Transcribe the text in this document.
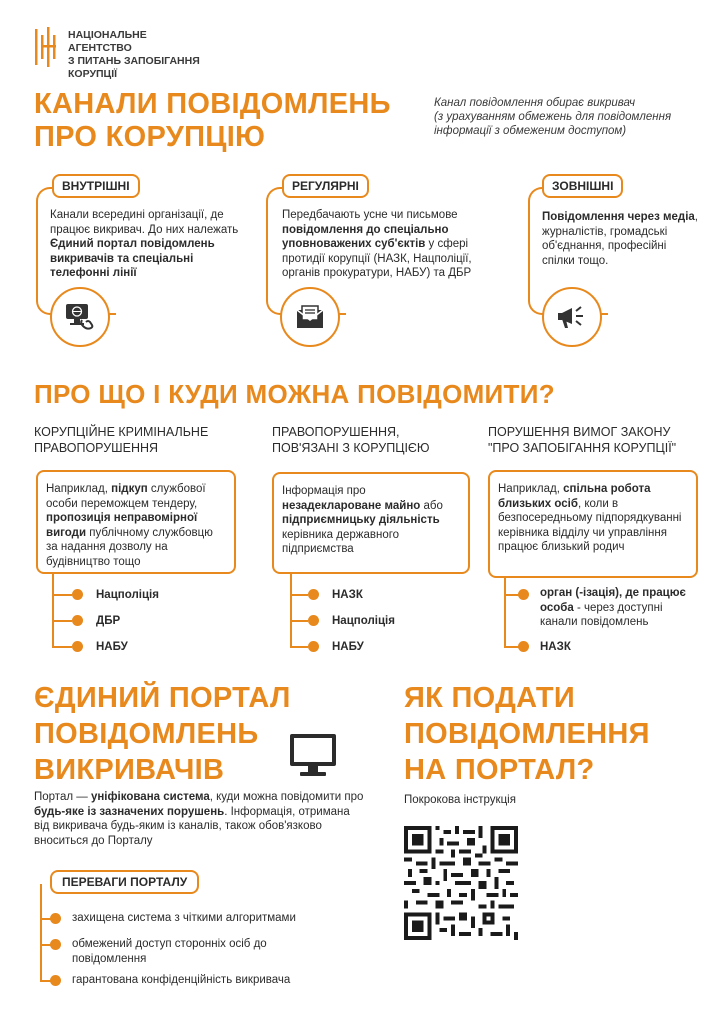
НАЦІОНАЛЬНЕ АГЕНТСТВО
З ПИТАНЬ ЗАПОБІГАННЯ
КОРУПЦІЇ
КАНАЛИ ПОВІДОМЛЕНЬ
ПРО КОРУПЦІЮ
Канал повідомлення обирає викривач
(з урахуванням обмежень для повідомлення
інформації з обмеженим доступом)
ВНУТРІШНІ
Канали всередині організації, де працює викривач. До них належать Єдиний портал повідомлень викривачів та спеціальні телефонні лінії
РЕГУЛЯРНІ
Передбачають усне чи письмове повідомлення до спеціально уповноважених суб'єктів у сфері протидії корупції (НАЗК, Нацполіції, органів прокуратури, НАБУ) та ДБР
ЗОВНІШНІ
Повідомлення через медіа, журналістів, громадські об'єднання, професійні спілки тощо.
ПРО ЩО І КУДИ МОЖНА ПОВІДОМИТИ?
КОРУПЦІЙНЕ КРИМІНАЛЬНЕ
ПРАВОПОРУШЕННЯ
Наприклад, підкуп службової особи переможцем тендеру, пропозиція неправомірної вигоди публічному службовцю за надання дозволу на будівництво тощо
Нацполіція
ДБР
НАБУ
ПРАВОПОРУШЕННЯ,
ПОВ'ЯЗАНІ З КОРУПЦІЄЮ
Інформація про незадеклароване майно або підприємницьку діяльність керівника державного підприємства
НАЗК
Нацполіція
НАБУ
ПОРУШЕННЯ ВИМОГ ЗАКОНУ
"ПРО ЗАПОБІГАННЯ КОРУПЦІЇ"
Наприклад, спільна робота близьких осіб, коли в безпосередньому підпорядкуванні керівника відділу чи управління працює близький родич
орган (-ізація), де працює особа - через доступні канали повідомлень
НАЗК
ЄДИНИЙ ПОРТАЛ
ПОВІДОМЛЕНЬ
ВИКРИВАЧІВ
Портал — уніфікована система, куди можна повідомити про будь-яке із зазначених порушень. Інформація, отримана від викривача будь-яким із каналів, також обов'язково вноситься до Порталу
ПЕРЕВАГИ ПОРТАЛУ
захищена система з чіткими алгоритмами
обмежений доступ сторонніх осіб до повідомлення
гарантована конфіденційність викривача
ЯК ПОДАТИ
ПОВІДОМЛЕННЯ
НА ПОРТАЛ?
Покрокова інструкція
